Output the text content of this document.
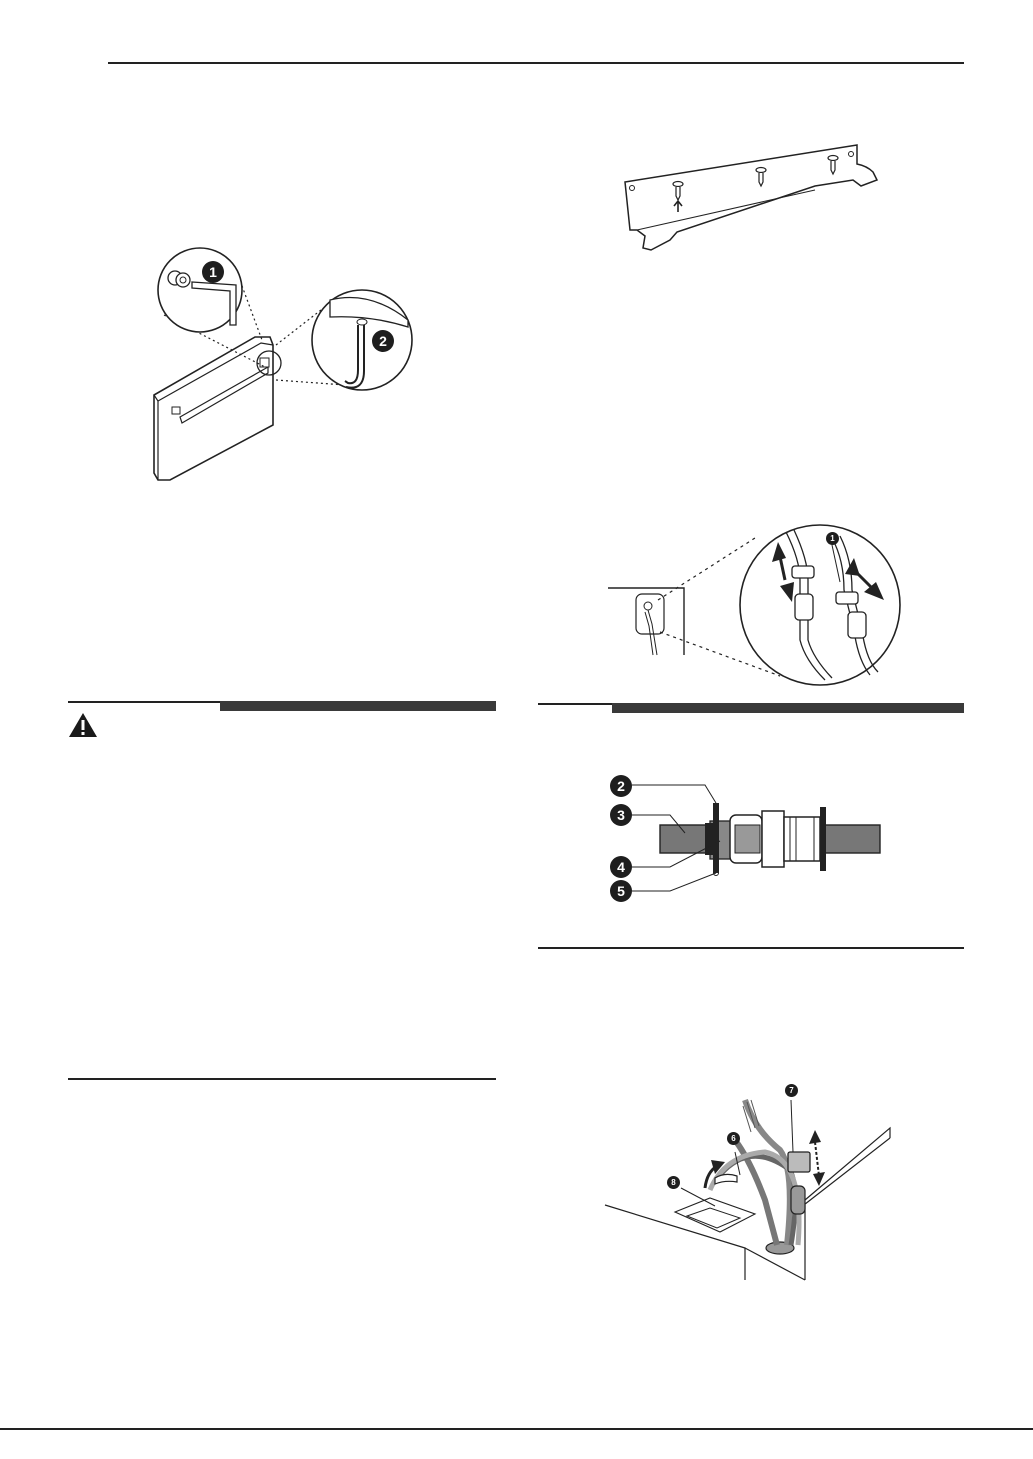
1
2
1
2
3
4
5
6
7
8
